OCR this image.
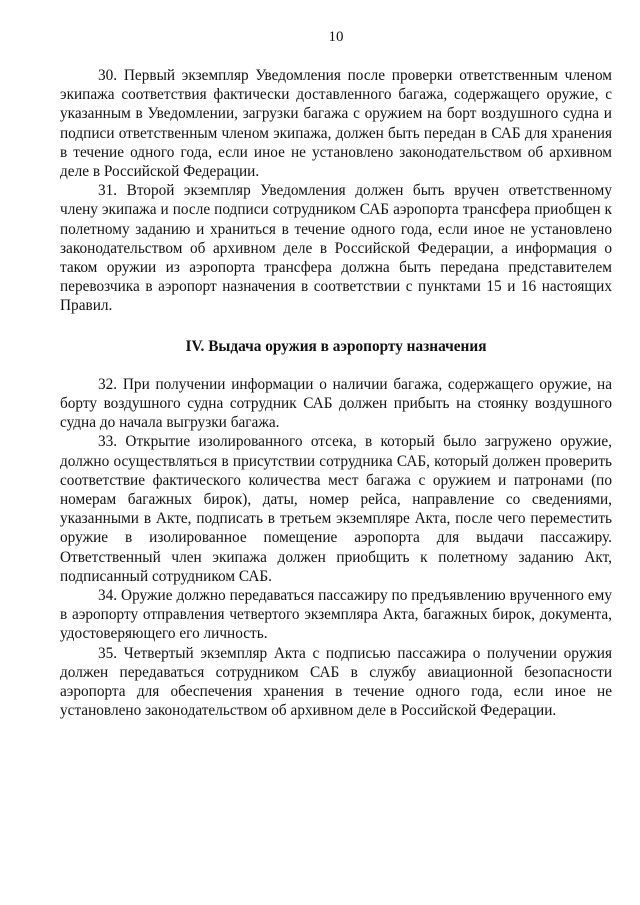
10

30. Первый экземпляр Уведомления после проверки ответственным членом экипажа соответствия фактически доставленного багажа, содержащего оружие, с указанным в Уведомлении, загрузки багажа с оружием на борт воздушного судна и подписи ответственным членом экипажа, должен быть передан в САБ для хранения в течение одного года, если иное не установлено законодательством об архивном деле в Российской Федерации.

31. Второй экземпляр Уведомления должен быть вручен ответственному члену экипажа и после подписи сотрудником САБ аэропорта трансфера приобщен к полетному заданию и храниться в течение одного года, если иное не установлено законодательством об архивном деле в Российской Федерации, а информация о таком оружии из аэропорта трансфера должна быть передана представителем перевозчика в аэропорт назначения в соответствии с пунктами 15 и 16 настоящих Правил.

IV. Выдача оружия в аэропорту назначения

32. При получении информации о наличии багажа, содержащего оружие, на борту воздушного судна сотрудник САБ должен прибыть на стоянку воздушного судна до начала выгрузки багажа.

33. Открытие изолированного отсека, в который было загружено оружие, должно осуществляться в присутствии сотрудника САБ, который должен проверить соответствие фактического количества мест багажа с оружием и патронами (по номерам багажных бирок), даты, номер рейса, направление со сведениями, указанными в Акте, подписать в третьем экземпляре Акта, после чего переместить оружие в изолированное помещение аэропорта для выдачи пассажиру. Ответственный член экипажа должен приобщить к полетному заданию Акт, подписанный сотрудником САБ.

34. Оружие должно передаваться пассажиру по предъявлению врученного ему в аэропорту отправления четвертого экземпляра Акта, багажных бирок, документа, удостоверяющего его личность.

35. Четвертый экземпляр Акта с подписью пассажира о получении оружия должен передаваться сотрудником САБ в службу авиационной безопасности аэропорта для обеспечения хранения в течение одного года, если иное не установлено законодательством об архивном деле в Российской Федерации.
